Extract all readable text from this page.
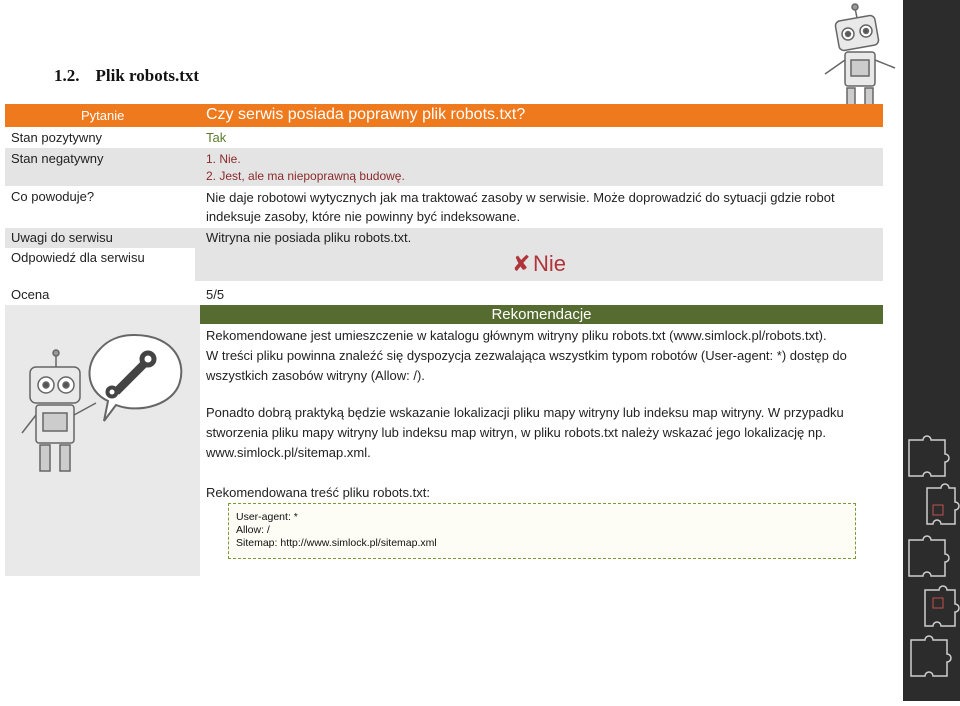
1.2. Plik robots.txt
Pytanie	Czy serwis posiada poprawny plik robots.txt?
Stan pozytywny	Tak
Stan negatywny	1. Nie.
2. Jest, ale ma niepoprawną budowę.
Co powoduje?	Nie daje robotowi wytycznych jak ma traktować zasoby w serwisie. Może doprowadzić do sytuacji gdzie robot
indeksuje zasoby, które nie powinny być indeksowane.
Uwagi do serwisu	Witryna nie posiada pliku robots.txt.
Odpowiedź dla serwisu	✘ Nie
Ocena	5/5
Rekomendacje
Rekomendowane jest umieszczenie w katalogu głównym witryny pliku robots.txt (www.simlock.pl/robots.txt).
W treści pliku powinna znaleźć się dyspozycja zezwalająca wszystkim typom robotów (User-agent: *) dostęp do
wszystkich zasobów witryny (Allow: /).
Ponadto dobrą praktyką będzie wskazanie lokalizacji pliku mapy witryny lub indeksu map witryny. W przypadku
stworzenia pliku mapy witryny lub indeksu map witryn, w pliku robots.txt należy wskazać jego lokalizację np.
www.simlock.pl/sitemap.xml.
Rekomendowana treść pliku robots.txt:
User-agent: *
Allow: /
Sitemap: http://www.simlock.pl/sitemap.xml
